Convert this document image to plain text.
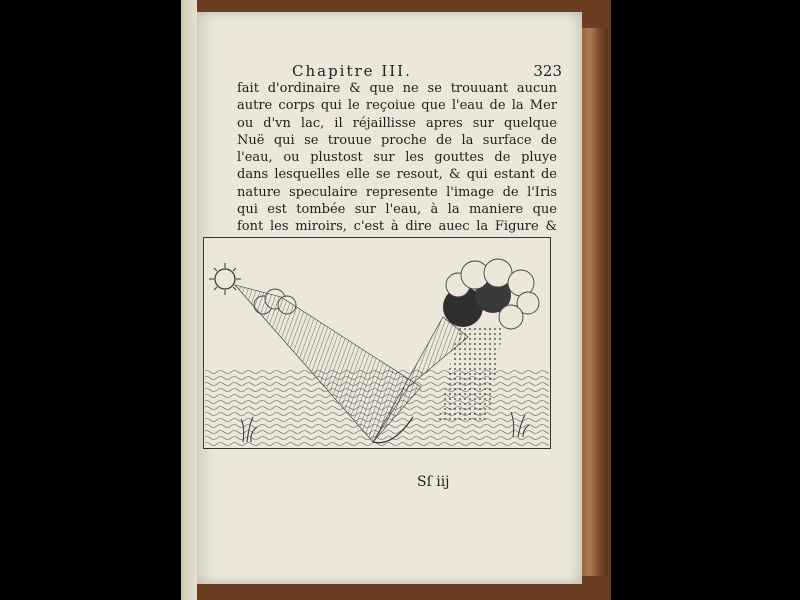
Chapitre III.	323
fait d'ordinaire & que ne se trouuant aucun
autre corps qui le reçoiue que l'eau de la Mer
ou d'vn lac, il réjaillisse apres sur quelque
Nuë qui se trouue proche de la surface de
l'eau, ou plustost sur les gouttes de pluye
dans lesquelles elle se resout, & qui estant de
nature speculaire represente l'image de l'Iris
qui est tombée sur l'eau, à la maniere que
font les miroirs, c'est à dire auec la Figure &
Sſ iij
